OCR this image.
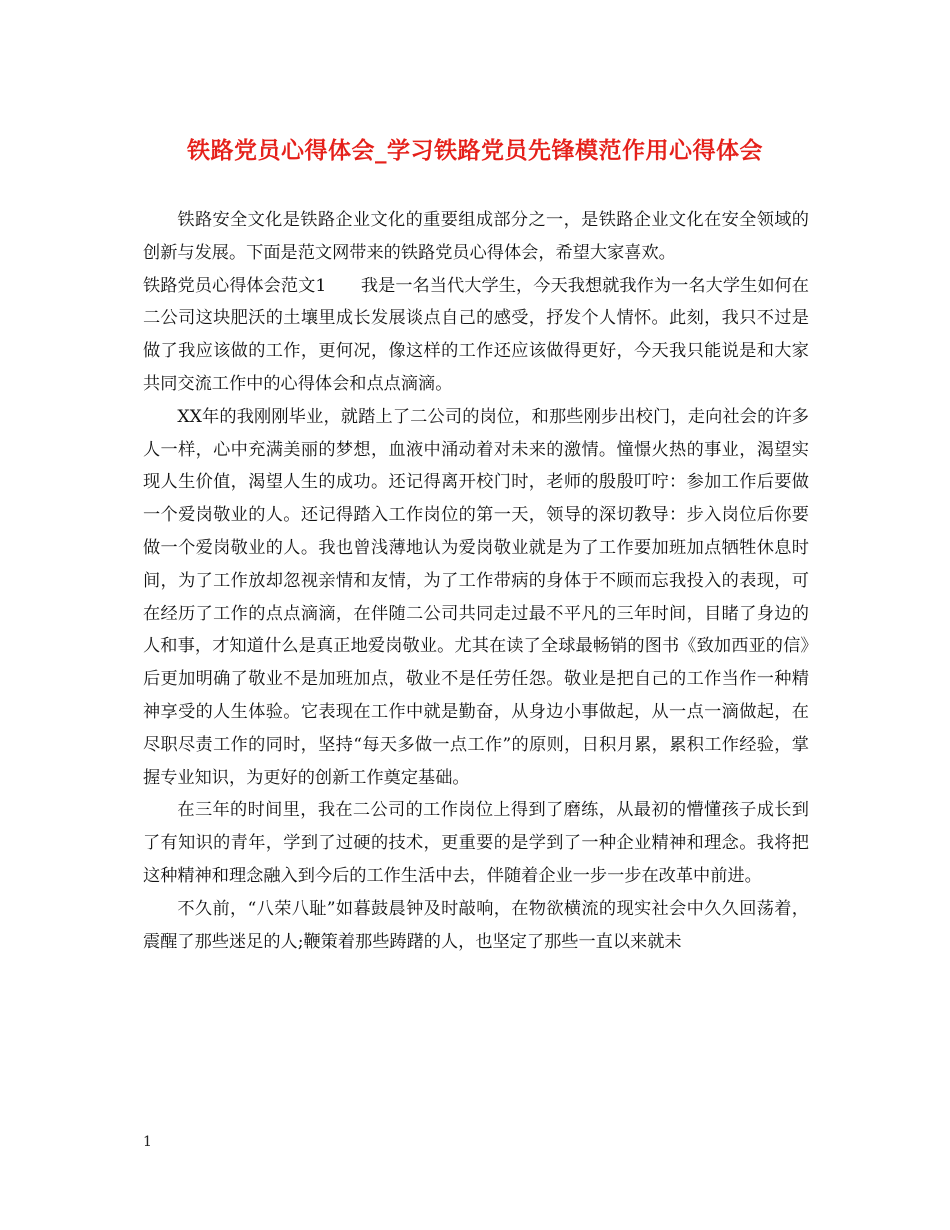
铁路党员心得体会_学习铁路党员先锋模范作用心得体会

铁路安全文化是铁路企业文化的重要组成部分之一，是铁路企业文化在安全领域的创新与发展。下面是范文网带来的铁路党员心得体会，希望大家喜欢。

铁路党员心得体会范文1　　我是一名当代大学生，今天我想就我作为一名大学生如何在二公司这块肥沃的土壤里成长发展谈点自己的感受，抒发个人情怀。此刻，我只不过是做了我应该做的工作，更何况，像这样的工作还应该做得更好，今天我只能说是和大家共同交流工作中的心得体会和点点滴滴。

XX年的我刚刚毕业，就踏上了二公司的岗位，和那些刚步出校门，走向社会的许多人一样，心中充满美丽的梦想，血液中涌动着对未来的激情。憧憬火热的事业，渴望实现人生价值，渴望人生的成功。还记得离开校门时，老师的殷殷叮咛：参加工作后要做一个爱岗敬业的人。还记得踏入工作岗位的第一天，领导的深切教导：步入岗位后你要做一个爱岗敬业的人。我也曾浅薄地认为爱岗敬业就是为了工作要加班加点牺牲休息时间，为了工作放却忽视亲情和友情，为了工作带病的身体于不顾而忘我投入的表现，可在经历了工作的点点滴滴，在伴随二公司共同走过最不平凡的三年时间，目睹了身边的人和事，才知道什么是真正地爱岗敬业。尤其在读了全球最畅销的图书《致加西亚的信》后更加明确了敬业不是加班加点，敬业不是任劳任怨。敬业是把自己的工作当作一种精神享受的人生体验。它表现在工作中就是勤奋，从身边小事做起，从一点一滴做起，在尽职尽责工作的同时，坚持“每天多做一点工作”的原则，日积月累，累积工作经验，掌握专业知识，为更好的创新工作奠定基础。

在三年的时间里，我在二公司的工作岗位上得到了磨练，从最初的懵懂孩子成长到了有知识的青年，学到了过硬的技术，更重要的是学到了一种企业精神和理念。我将把这种精神和理念融入到今后的工作生活中去，伴随着企业一步一步在改革中前进。

不久前，“八荣八耻”如暮鼓晨钟及时敲响，在物欲横流的现实社会中久久回荡着，震醒了那些迷足的人;鞭策着那些踌躇的人，也坚定了那些一直以来就未

1
